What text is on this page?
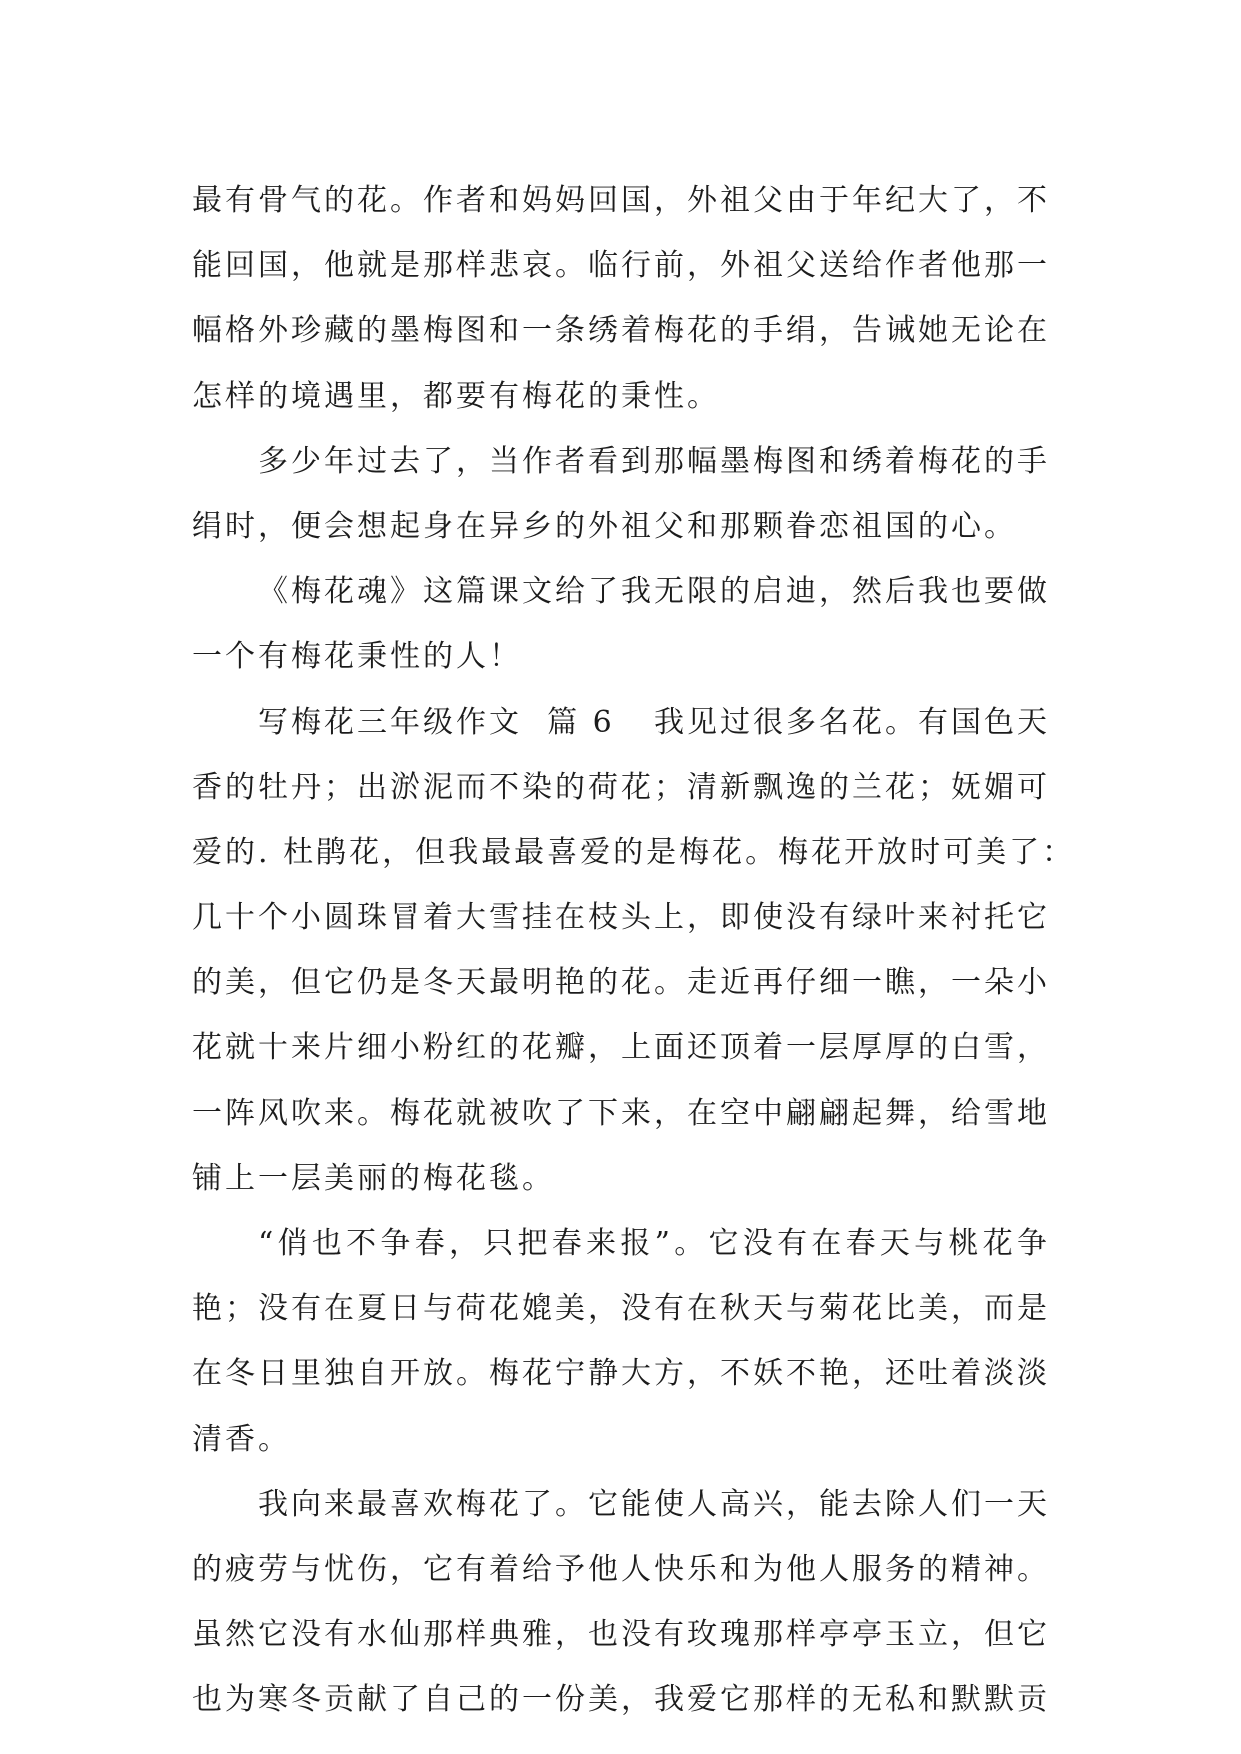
最有骨气的花。作者和妈妈回国，外祖父由于年纪大了，不
能回国，他就是那样悲哀。临行前，外祖父送给作者他那一
幅格外珍藏的墨梅图和一条绣着梅花的手绢，告诫她无论在
怎样的境遇里，都要有梅花的秉性。
多少年过去了，当作者看到那幅墨梅图和绣着梅花的手
绢时，便会想起身在异乡的外祖父和那颗眷恋祖国的心。
《梅花魂》这篇课文给了我无限的启迪，然后我也要做
一个有梅花秉性的人！
写梅花三年级作文  篇 6 我见过很多名花。有国色天
香的牡丹；出淤泥而不染的荷花；清新飘逸的兰花；妩媚可
爱的. 杜鹃花，但我最最喜爱的是梅花。梅花开放时可美了：
几十个小圆珠冒着大雪挂在枝头上，即使没有绿叶来衬托它
的美，但它仍是冬天最明艳的花。走近再仔细一瞧，一朵小
花就十来片细小粉红的花瓣，上面还顶着一层厚厚的白雪，
一阵风吹来。梅花就被吹了下来，在空中翩翩起舞，给雪地
铺上一层美丽的梅花毯。
“俏也不争春，只把春来报”。它没有在春天与桃花争
艳；没有在夏日与荷花媲美，没有在秋天与菊花比美，而是
在冬日里独自开放。梅花宁静大方，不妖不艳，还吐着淡淡
清香。
我向来最喜欢梅花了。它能使人高兴，能去除人们一天
的疲劳与忧伤，它有着给予他人快乐和为他人服务的精神。
虽然它没有水仙那样典雅，也没有玫瑰那样亭亭玉立，但它
也为寒冬贡献了自己的一份美，我爱它那样的无私和默默贡
